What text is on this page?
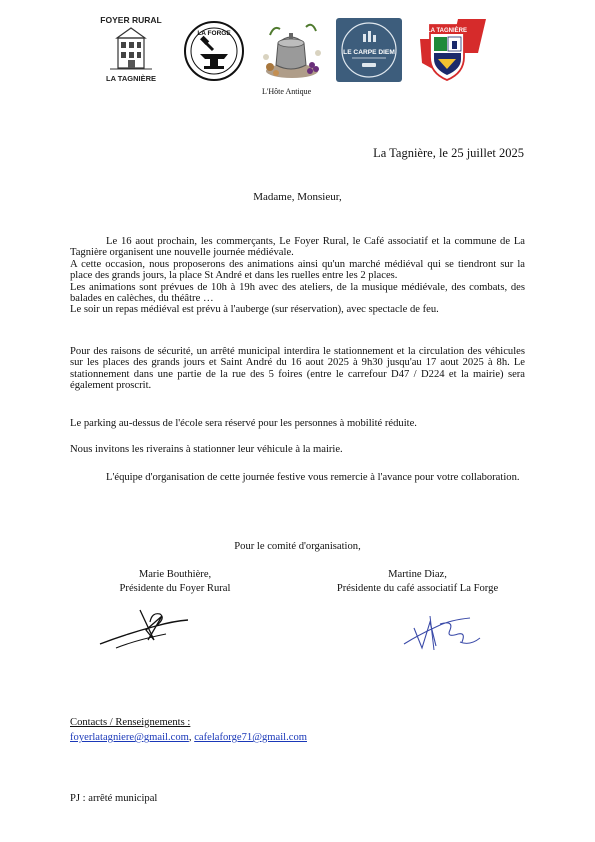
FOYER RURAL
LA TAGNIÈRE
LA FORGE
L'Hôte Antique
LE CARPE DIEM
LA TAGNIÈRE
La Tagnière, le 25 juillet 2025
Madame, Monsieur,

Le 16 aout prochain, les commerçants, Le Foyer Rural, le Café associatif et la commune de La Tagnière organisent une nouvelle journée médiévale.

A cette occasion, nous proposerons des animations ainsi qu'un marché médiéval qui se tiendront sur la place des grands jours, la place St André et dans les ruelles entre les 2 places.

Les animations sont prévues de 10h à 19h avec des ateliers, de la musique médiévale, des combats, des balades en calèches, du théâtre …

Le soir un repas médiéval est prévu à l'auberge (sur réservation), avec spectacle de feu.

Pour des raisons de sécurité, un arrêté municipal interdira le stationnement et la circulation des véhicules sur les places des grands jours et Saint André du 16 aout 2025 à 9h30 jusqu'au 17 aout 2025 à 8h. Le stationnement dans une partie de la rue des 5 foires (entre le carrefour D47 / D224 et la mairie) sera également proscrit.
Le parking au-dessus de l'école sera réservé pour les personnes à mobilité réduite.
Nous invitons les riverains à stationner leur véhicule à la mairie.
L'équipe d'organisation de cette journée festive vous remercie à l'avance pour votre collaboration.
Pour le comité d'organisation,
Marie Bouthière,
Présidente du Foyer Rural
Martine Diaz,
Présidente du café associatif La Forge
Contacts / Renseignements :
foyerlatagniere@gmail.com, cafelaforge71@gmail.com
PJ : arrêté municipal
